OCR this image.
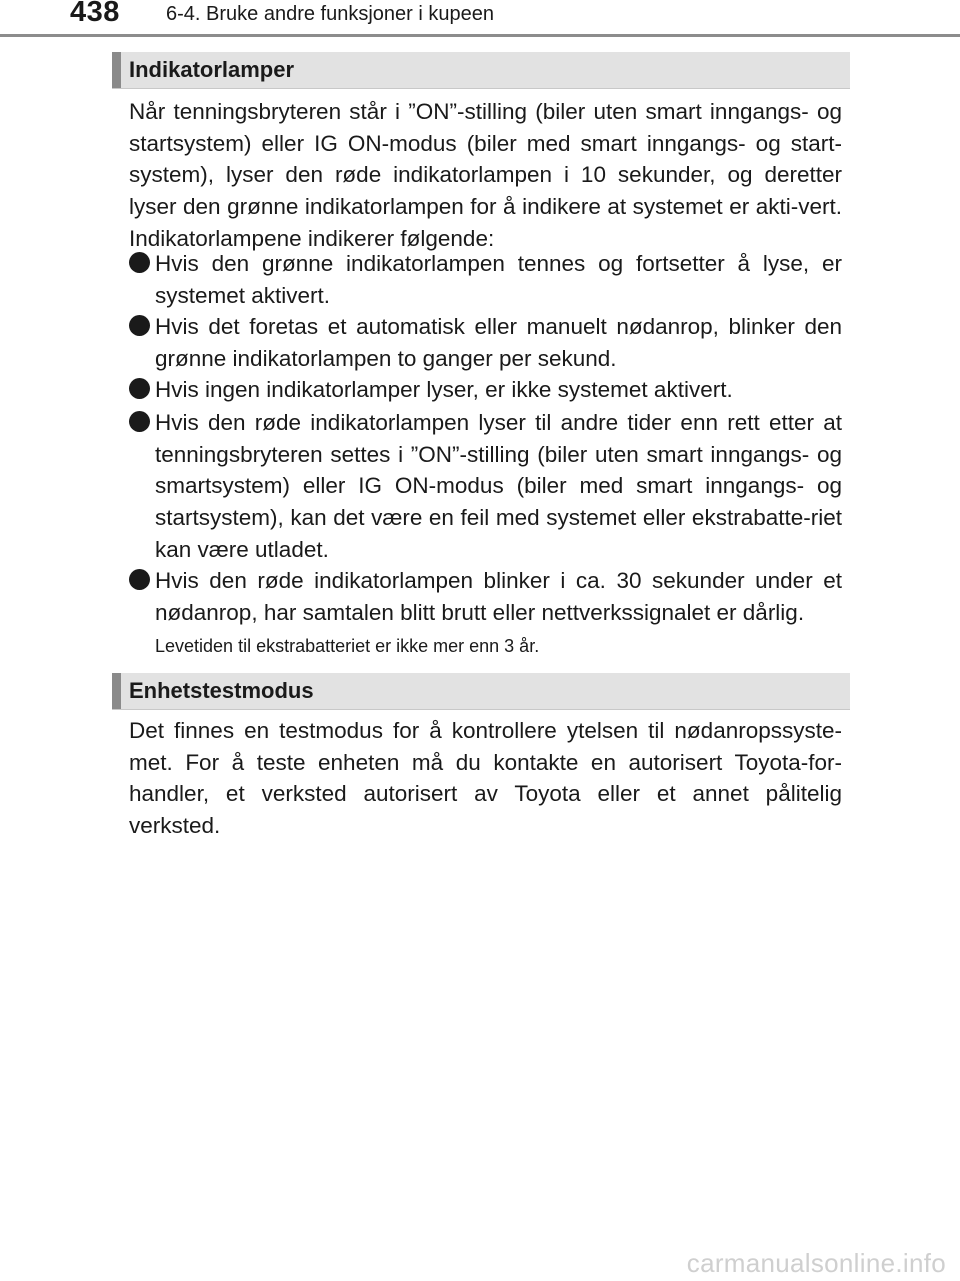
438 6-4. Bruke andre funksjoner i kupeen
Indikatorlamper

Når tenningsbryteren står i ”ON”-stilling (biler uten smart inngangs- og startsystem) eller IG ON-modus (biler med smart inngangs- og start-system), lyser den røde indikatorlampen i 10 sekunder, og deretter lyser den grønne indikatorlampen for å indikere at systemet er akti-vert. Indikatorlampene indikerer følgende:

Hvis den grønne indikatorlampen tennes og fortsetter å lyse, er systemet aktivert.

Hvis det foretas et automatisk eller manuelt nødanrop, blinker den grønne indikatorlampen to ganger per sekund.

Hvis ingen indikatorlamper lyser, er ikke systemet aktivert.

Hvis den røde indikatorlampen lyser til andre tider enn rett etter at tenningsbryteren settes i ”ON”-stilling (biler uten smart inngangs- og smartsystem) eller IG ON-modus (biler med smart inngangs- og startsystem), kan det være en feil med systemet eller ekstrabatte-riet kan være utladet.

Hvis den røde indikatorlampen blinker i ca. 30 sekunder under et nødanrop, har samtalen blitt brutt eller nettverkssignalet er dårlig.

Levetiden til ekstrabatteriet er ikke mer enn 3 år.

Enhetstestmodus

Det finnes en testmodus for å kontrollere ytelsen til nødanropssyste-met. For å teste enheten må du kontakte en autorisert Toyota-for-handler, et verksted autorisert av Toyota eller et annet pålitelig verksted.

carmanualsonline.info
